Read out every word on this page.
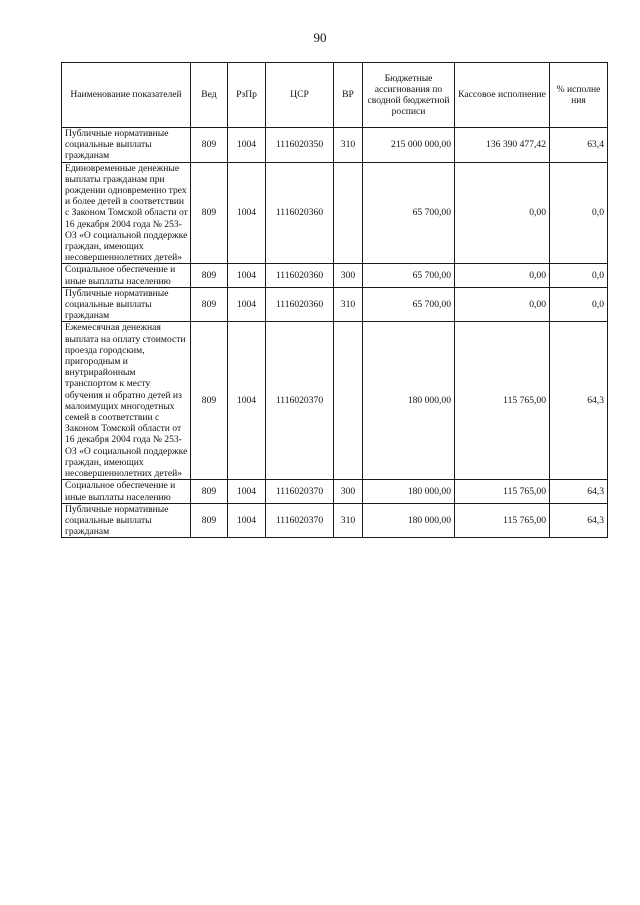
90
Наименование показателей	Вед	РзПр	ЦСР	ВР	Бюджетные ассигнования по сводной бюджетной росписи	Кассовое исполнение	% исполне ния
Публичные нормативные социальные выплаты гражданам	809	1004	1116020350	310	215 000 000,00	136 390 477,42	63,4
Единовременные денежные выплаты гражданам при рождении одновременно трех и более детей в соответствии с Законом Томской области от 16 декабря 2004 года № 253-ОЗ «О социальной поддержке граждан, имеющих несовершеннолетних детей»	809	1004	1116020360		65 700,00	0,00	0,0
Социальное обеспечение и иные выплаты населению	809	1004	1116020360	300	65 700,00	0,00	0,0
Публичные нормативные социальные выплаты гражданам	809	1004	1116020360	310	65 700,00	0,00	0,0
Ежемесячная денежная выплата на оплату стоимости проезда городским, пригородным и внутрирайонным транспортом к месту обучения и обратно детей из малоимущих многодетных семей в соответствии с Законом Томской области от 16 декабря 2004 года № 253-ОЗ «О социальной поддержке граждан, имеющих несовершеннолетних детей»	809	1004	1116020370		180 000,00	115 765,00	64,3
Социальное обеспечение и иные выплаты населению	809	1004	1116020370	300	180 000,00	115 765,00	64,3
Публичные нормативные социальные выплаты гражданам	809	1004	1116020370	310	180 000,00	115 765,00	64,3
